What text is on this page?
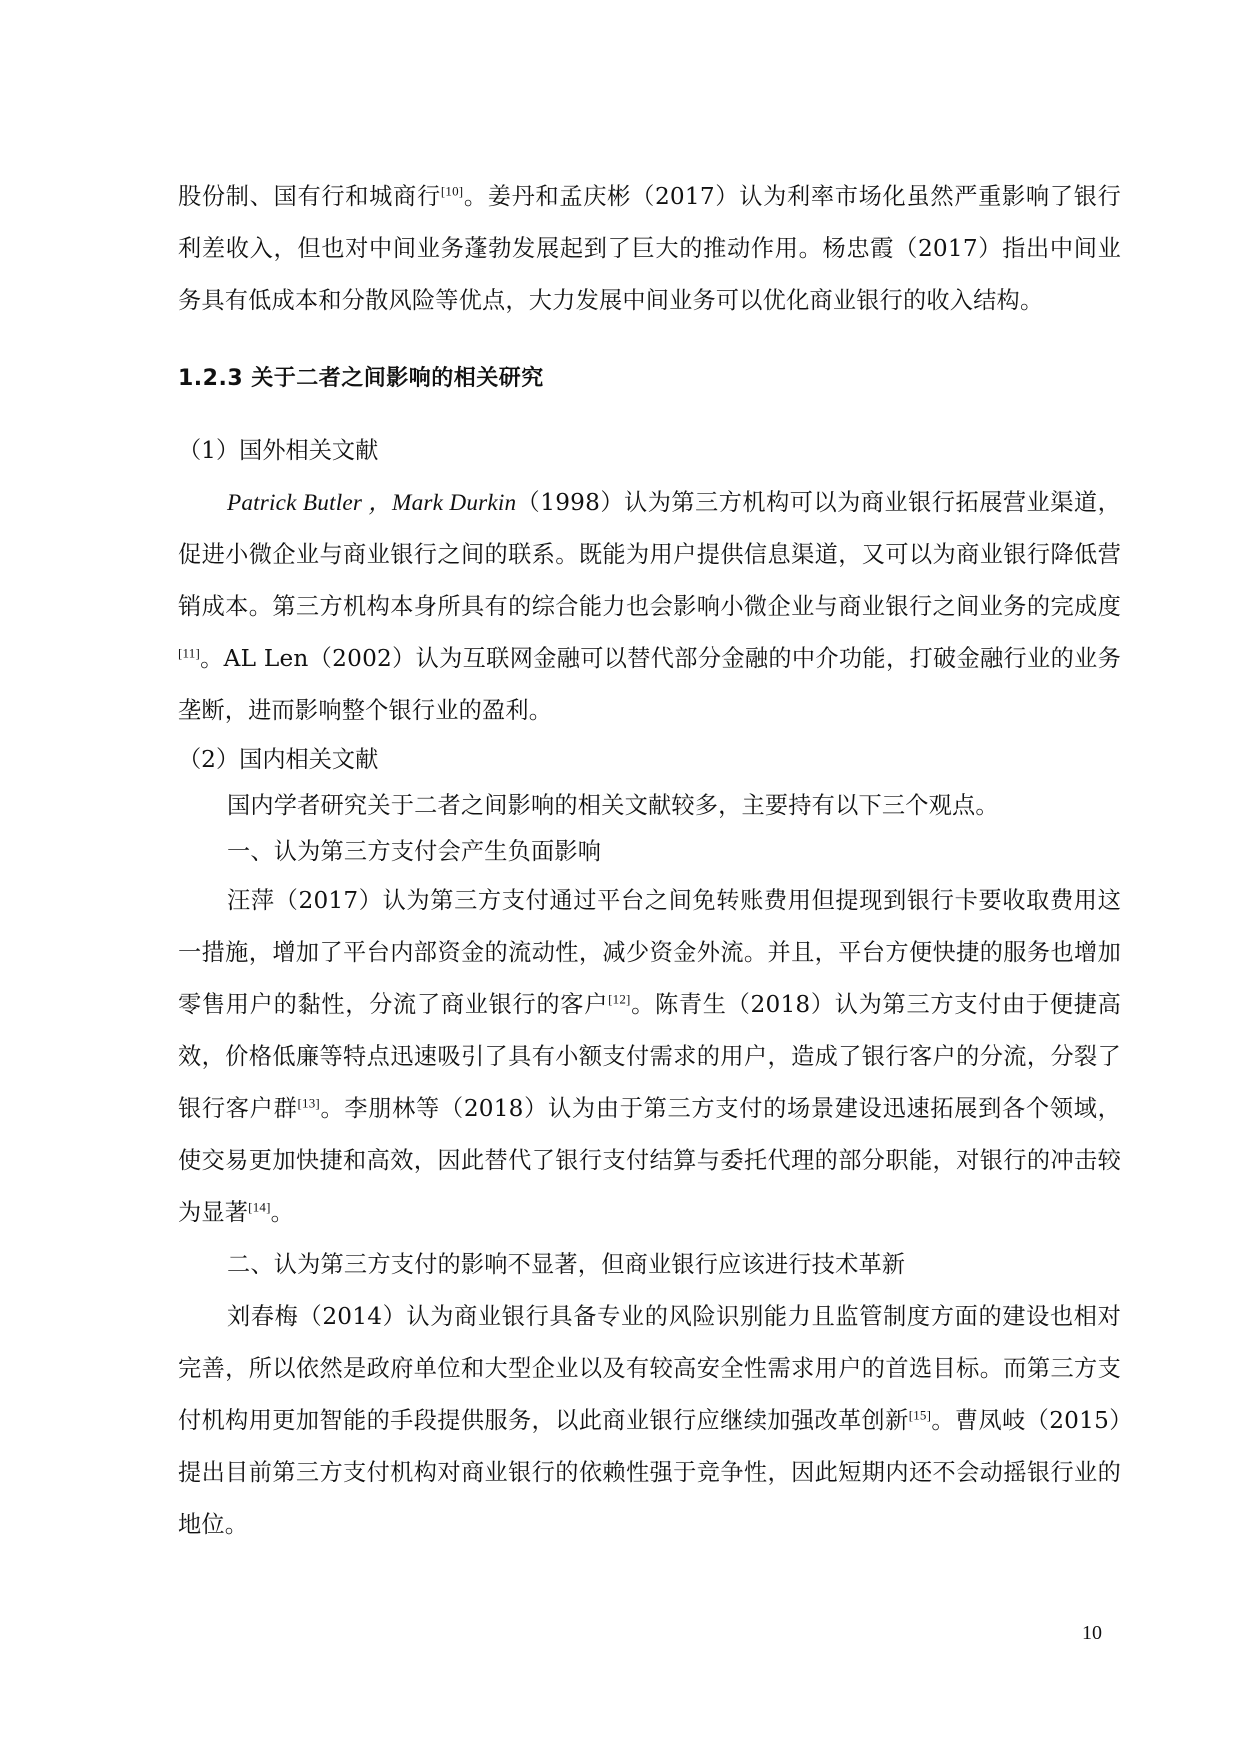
股份制、国有行和城商行[10]。姜丹和孟庆彬（2017）认为利率市场化虽然严重影响了银行利差收入，但也对中间业务蓬勃发展起到了巨大的推动作用。杨忠霞（2017）指出中间业务具有低成本和分散风险等优点，大力发展中间业务可以优化商业银行的收入结构。

1.2.3 关于二者之间影响的相关研究

（1）国外相关文献

Patrick Butler ，Mark Durkin（1998）认为第三方机构可以为商业银行拓展营业渠道，促进小微企业与商业银行之间的联系。既能为用户提供信息渠道，又可以为商业银行降低营销成本。第三方机构本身所具有的综合能力也会影响小微企业与商业银行之间业务的完成度[11]。AL Len（2002）认为互联网金融可以替代部分金融的中介功能，打破金融行业的业务垄断，进而影响整个银行业的盈利。

（2）国内相关文献

国内学者研究关于二者之间影响的相关文献较多，主要持有以下三个观点。

一、认为第三方支付会产生负面影响

汪萍（2017）认为第三方支付通过平台之间免转账费用但提现到银行卡要收取费用这一措施，增加了平台内部资金的流动性，减少资金外流。并且，平台方便快捷的服务也增加零售用户的黏性，分流了商业银行的客户[12]。陈青生（2018）认为第三方支付由于便捷高效，价格低廉等特点迅速吸引了具有小额支付需求的用户，造成了银行客户的分流，分裂了银行客户群[13]。李朋林等（2018）认为由于第三方支付的场景建设迅速拓展到各个领域，使交易更加快捷和高效，因此替代了银行支付结算与委托代理的部分职能，对银行的冲击较为显著[14]。

二、认为第三方支付的影响不显著，但商业银行应该进行技术革新

刘春梅（2014）认为商业银行具备专业的风险识别能力且监管制度方面的建设也相对完善，所以依然是政府单位和大型企业以及有较高安全性需求用户的首选目标。而第三方支付机构用更加智能的手段提供服务，以此商业银行应继续加强改革创新[15]。曹凤岐（2015）提出目前第三方支付机构对商业银行的依赖性强于竞争性，因此短期内还不会动摇银行业的地位。

10
